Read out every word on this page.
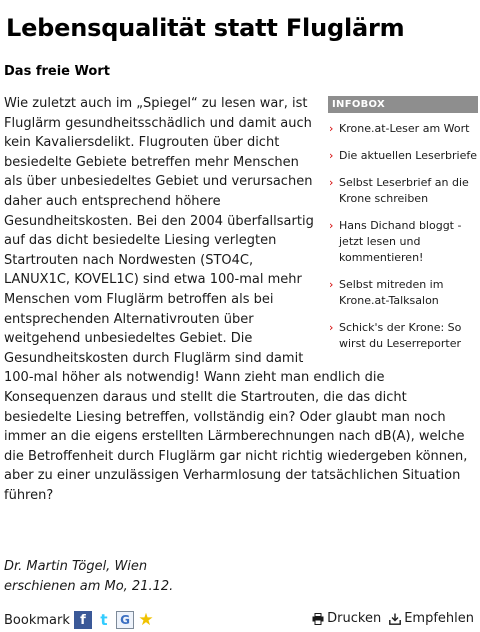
Lebensqualität statt Fluglärm
Das freie Wort
INFOBOX
› Krone.at-Leser am Wort
› Die aktuellen Leserbriefe
› Selbst Leserbrief an die Krone schreiben
› Hans Dichand bloggt - jetzt lesen und kommentieren!
› Selbst mitreden im Krone.at-Talksalon
› Schick's der Krone: So wirst du Leserreporter

Wie zuletzt auch im „Spiegel“ zu lesen war, ist Fluglärm gesundheitsschädlich und damit auch kein Kavaliersdelikt. Flugrouten über dicht besiedelte Gebiete betreffen mehr Menschen als über unbesiedeltes Gebiet und verursachen daher auch entsprechend höhere Gesundheitskosten. Bei den 2004 überfallsartig auf das dicht besiedelte Liesing verlegten Startrouten nach Nordwesten (STO4C, LANUX1C, KOVEL1C) sind etwa 100-mal mehr Menschen vom Fluglärm betroffen als bei entsprechenden Alternativrouten über weitgehend unbesiedeltes Gebiet. Die Gesundheitskosten durch Fluglärm sind damit 100-mal höher als notwendig! Wann zieht man endlich die Konsequenzen daraus und stellt die Startrouten, die das dicht besiedelte Liesing betreffen, vollständig ein? Oder glaubt man noch immer an die eigens erstellten Lärmberechnungen nach dB(A), welche die Betroffenheit durch Fluglärm gar nicht richtig wiedergeben können, aber zu einer unzulässigen Verharmlosung der tatsächlichen Situation führen?

Dr. Martin Tögel, Wien
erschienen am Mo, 21.12.
Bookmark f t	G ★	Drucken Empfehlen
